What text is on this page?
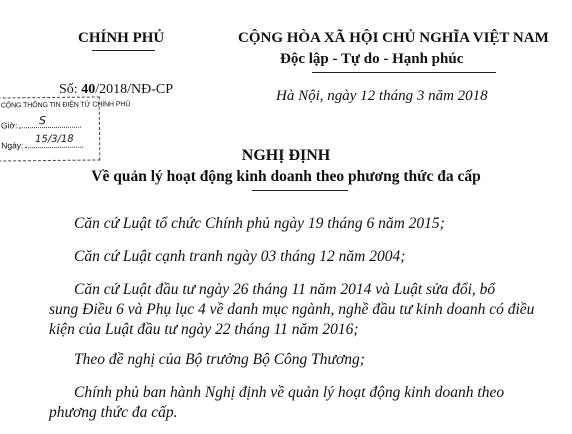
CHÍNH PHỦ
Số: 40/2018/NĐ-CP
CỘNG HÒA XÃ HỘI CHỦ NGHĨA VIỆT NAM
Độc lập - Tự do - Hạnh phúc
Hà Nội, ngày 12 tháng 3 năm 2018
CỔNG THÔNG TIN ĐIỆN TỬ CHÍNH PHỦ
Giờ:	S
Ngày:
15/3/18
NGHỊ ĐỊNH
Về quản lý hoạt động kinh doanh theo phương thức đa cấp
Căn cứ Luật tổ chức Chính phủ ngày 19 tháng 6 năm 2015;
Căn cứ Luật cạnh tranh ngày 03 tháng 12 năm 2004;
Căn cứ Luật đầu tư ngày 26 tháng 11 năm 2014 và Luật sửa đổi, bổ
sung Điều 6 và Phụ lục 4 về danh mục ngành, nghề đầu tư kinh doanh có điều
kiện của Luật đầu tư ngày 22 tháng 11 năm 2016;
Theo đề nghị của Bộ trưởng Bộ Công Thương;
Chính phủ ban hành Nghị định về quản lý hoạt động kinh doanh theo
phương thức đa cấp.
